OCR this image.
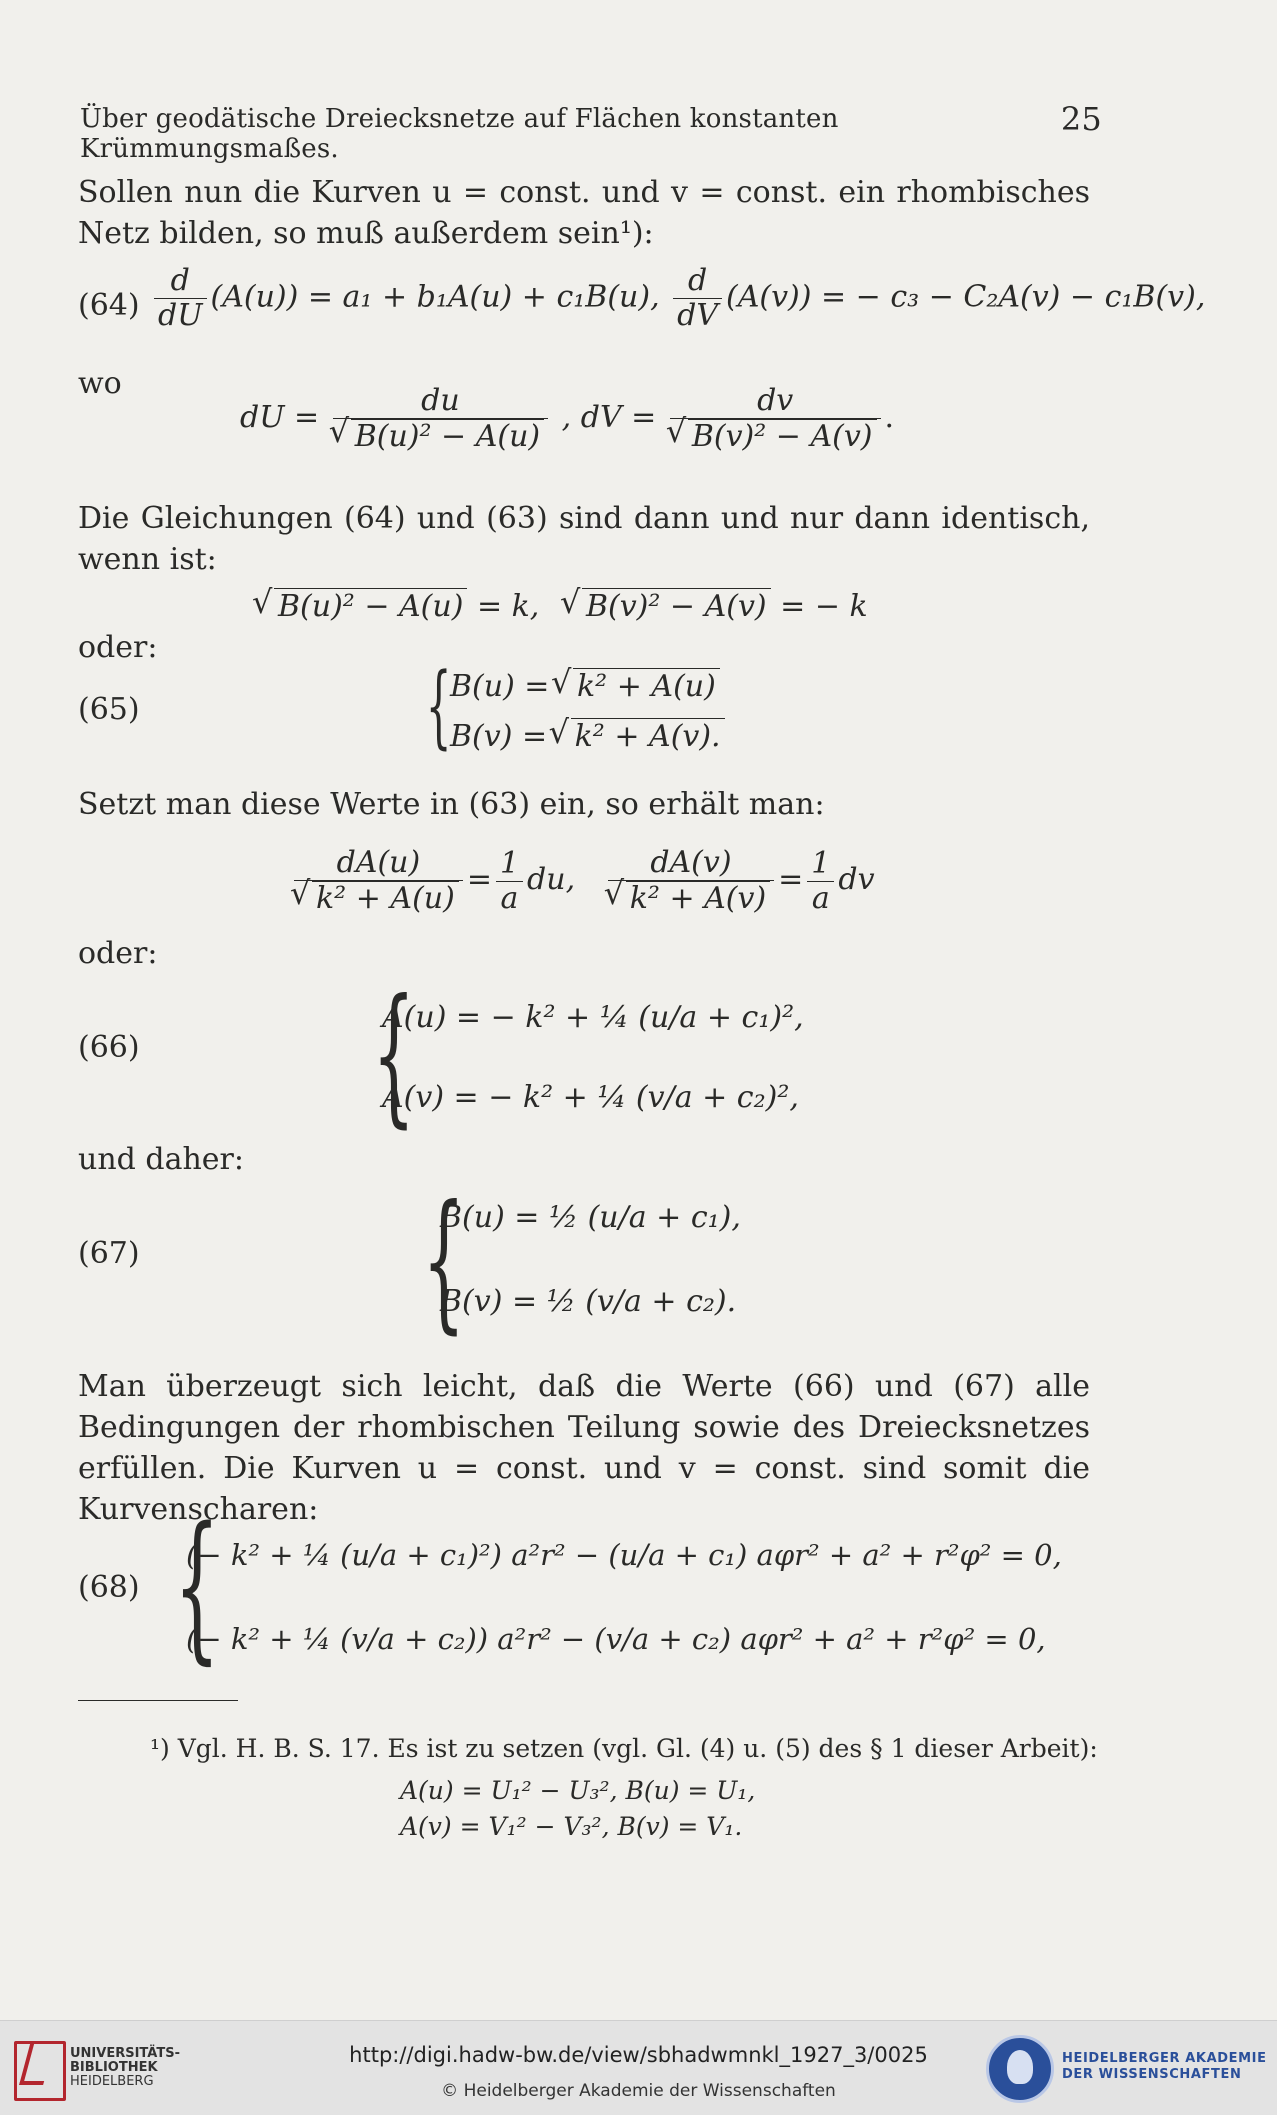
Über geodätische Dreiecksnetze auf Flächen konstanten Krümmungsmaßes.
25
Sollen nun die Kurven u = const. und v = const. ein rhombisches Netz bilden, so muß außerdem sein¹):
$(64) \frac{d}{dU} (A(u)) = a_1 + b_1A(u) + c_1B(u)$, $\frac{d}{dV} (A(v))$ = − c₃ − C₂A(v) − c₁B(v),
wo
dU = du
√ B(u)² − A(u) , dV = dv
√ B(v)² − A(v) .
Die Gleichungen (64) und (63) sind dann und nur dann identisch, wenn ist:
√ B(u)² − A(u) = k, √ B(v)² − A(v) = − k
oder:
(65)	{
B(u) = √ k² + A(u)
B(v) = √ k² + A(v).
Setzt man diese Werte in (63) ein, so erhält man:
dA(u)
√ $k^2 + A(u) = \frac{1}{a}$ du, dA(v)
√ $k^2 + A(v) = \frac{1}{a}$ dv
oder:
(66) {
A(u) = − k² + ¼ (u/a + c₁)²,
A(v) = − k² + ¼ (v/a + c₂)²,
und daher:
(67) {
B(u) = ½ (u/a + c₁),
B(v) = ½ (v/a + c₂).
Man überzeugt sich leicht, daß die Werte (66) und (67) alle Bedingungen der rhombischen Teilung sowie des Dreiecksnetzes erfüllen. Die Kurven u = const. und v = const. sind somit die Kurvenscharen:
(68) {
(− k² + ¼ (u/a + c₁)²) a²r² − (u/a + c₁) aφr² + a² + r²φ² = 0,
(− k² + ¼ (v/a + c₂)) a²r² − (v/a + c₂) aφr² + a² + r²φ² = 0,
¹) Vgl. H. B. S. 17. Es ist zu setzen (vgl. Gl. (4) u. (5) des § 1 dieser Arbeit):
A(u) = U₁² − U₃², B(u) = U₁,
A(v) = V₁² − V₃², B(v) = V₁.
UNIVERSITÄTS-
BIBLIOTHEK
HEIDELBERG
http://digi.hadw-bw.de/view/sbhadwmnkl_1927_3/0025
© Heidelberger Akademie der Wissenschaften
HEIDELBERGER AKADEMIE
DER WISSENSCHAFTEN
